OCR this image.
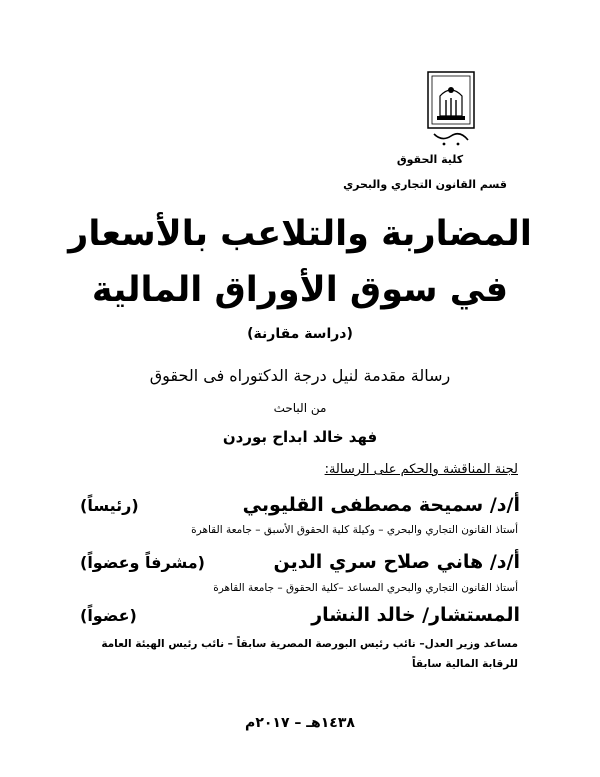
كلية الحقوق
قسم القانون التجاري والبحري
المضاربة والتلاعب بالأسعار
في سوق الأوراق المالية
(دراسة مقارنة)
رسالة مقدمة لنيل درجة الدكتوراه فى الحقوق
من الباحث
فهد خالد ابداح بوردن
لجنة المناقشة والحكم على الرسالة:
أ/د/ سميحة مصطفى القليوبي
(رئيساً)
أستاذ القانون التجاري والبحري – وكيلة كلية الحقوق الأسبق – جامعة القاهرة
أ/د/ هاني صلاح سري الدين
(مشرفاً وعضواً)
أستاذ القانون التجاري والبحري المساعد –كلية الحقوق – جامعة القاهرة
المستشار/ خالد النشار
(عضواً)
مساعد وزير العدل– نائب رئيس البورصة المصرية سابقاً – نائب رئيس الهيئة العامة للرقابة المالية سابقاً
١٤٣٨هـ – ٢٠١٧م
